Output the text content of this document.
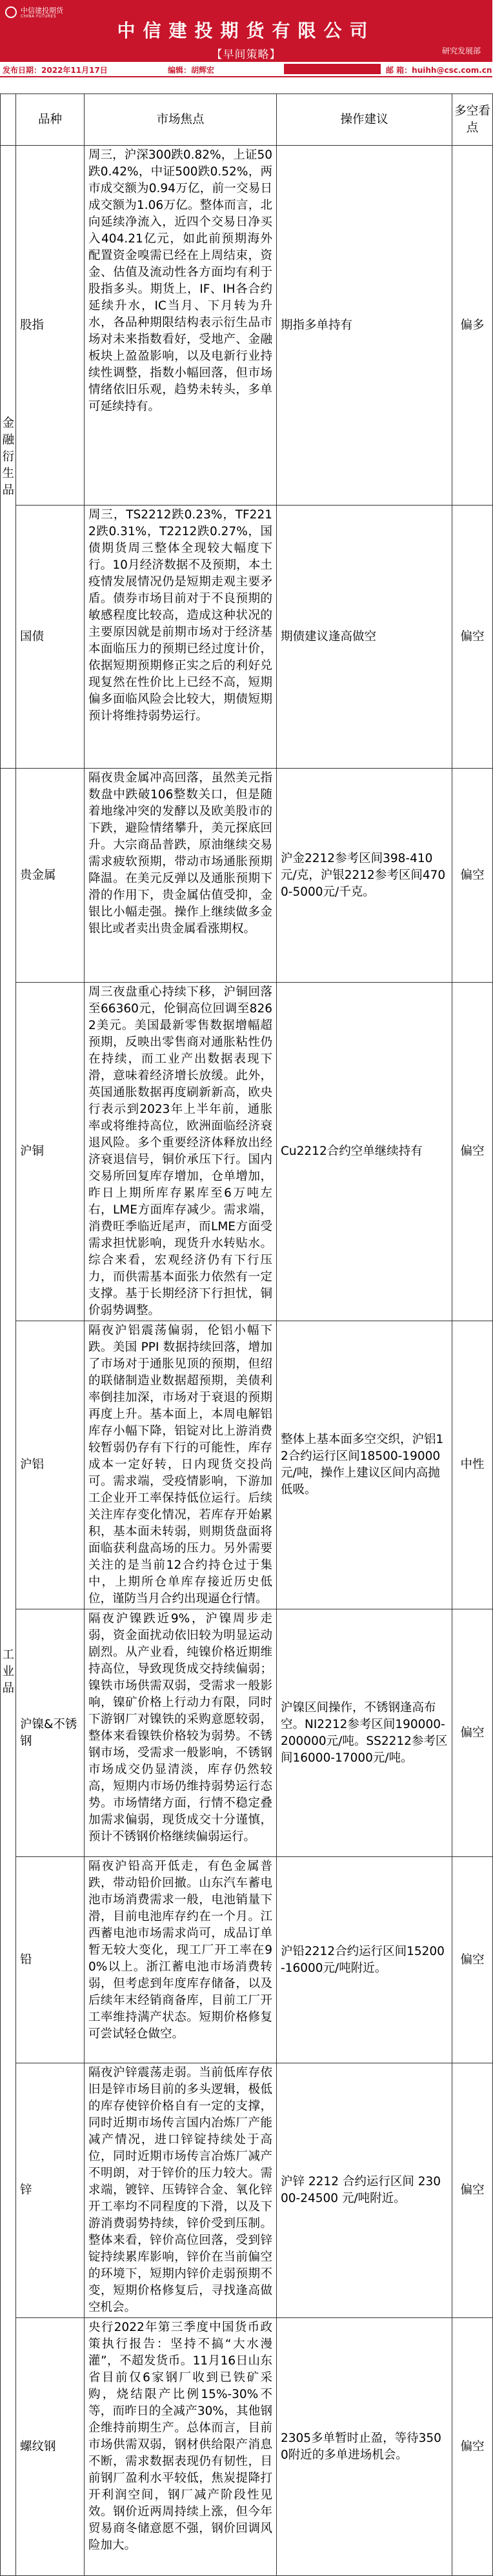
中信建投期货
CHINA FUTURES
中信建投期货有限公司
【早间策略】	研究发展部
发布日期：2022年11月17日	编辑：胡辉宏	邮 箱：huihh@csc.com.cn
	品种	市场焦点	操作建议	多空看点

金融衍生品	股指	周三，沪深300跌0.82%，上证50跌0.42%，中证500跌0.52%，两市成交额为0.94万亿，前一交易日成交额为1.06万亿。整体而言，北向延续净流入，近四个交易日净买入404.21亿元，如此前预期海外配置资金嗅需已经在上周结束，资金、估值及流动性各方面均有利于股指多头。期货上，IF、IH各合约延续升水，IC当月、下月转为升水，各品种期限结构表示衍生品市场对未来指数看好，受地产、金融板块上盈盈影响，以及电新行业持续性调整，指数小幅回落，但市场情绪依旧乐观，趋势未转头，多单可延续持有。	期指多单持有	偏多
	国债	周三，TS2212跌0.23%，TF2212跌0.31%，T2212跌0.27%，国债期货周三整体全现较大幅度下行。10月经济数据不及预期，本土疫情发展情况仍是短期走观主要矛盾。债券市场目前对于不良预期的敏感程度比较高，造成这种状况的主要原因就是前期市场对于经济基本面临压力的预期已经过度计价，依据短期预期修正实之后的利好兑现复然在性价比上已经不高，短期偏多面临风险会比较大，期债短期预计将维持弱势运行。	期债建议逢高做空	偏空

工业品	贵金属	隔夜贵金属冲高回落，虽然美元指数盘中跌破106整数关口，但是随着地缘冲突的发酵以及欧美股市的下跌，避险情绪攀升，美元探底回升。大宗商品普跌，原油继续交易需求疲软预期，带动市场通胀预期降温。在美元反弹以及通胀预期下滑的作用下，贵金属估值受抑，金银比小幅走强。操作上继续做多金银比或者卖出贵金属看涨期权。	沪金2212参考区间398-410元/克，沪银2212参考区间4700-5000元/千克。	偏空
	沪铜	周三夜盘重心持续下移，沪铜回落至66360元，伦铜高位回调至8262美元。美国最新零售数据增幅超预期，反映出零售商对通胀粘性仍在持续，而工业产出数据表现下滑，意味着经济增长放缓。此外，英国通胀数据再度刷新新高，欧央行表示到2023年上半年前，通胀率或将维持高位，欧洲面临经济衰退风险。多个重要经济体释放出经济衰退信号，铜价承压下行。国内交易所回复库存增加，仓单增加，昨日上期所库存累库至6万吨左右，LME方面库存减少。需求端，消费旺季临近尾声，而LME方面受需求担忧影响，现货升水转贴水。综合来看，宏观经济仍有下行压力，而供需基本面张力依然有一定支撑。基于长期经济下行担忧，铜价弱势调整。	Cu2212合约空单继续持有	偏空
	沪铝	隔夜沪铝震荡偏弱，伦铝小幅下跌。美国 PPI 数据持续回落，增加了市场对于通胀见顶的预期，但绍的联储制造业数据超预期，美债利率倒挂加深，市场对于衰退的预期再度上升。基本面上，本周电解铝库存小幅下降，铝锭对比上游消费较暂弱仍存有下行的可能性，库存成本一定好转，日内现货交投尚可。需求端，受疫情影响，下游加工企业开工率保持低位运行。后续关注库存变化情况，若库存开始累积，基本面未转弱，则期货盘面将面临获利盘高场的压力。另外需要关注的是当前12合约持仓过于集中，上期所仓单库存接近历史低位，谨防当月合约出现逼仓行情。	整体上基本面多空交织，沪铝12合约运行区间18500-19000元/吨，操作上建议区间内高抛低吸。	中性
	沪镍&不锈钢	隔夜沪镍跌近9%，沪镍周步走弱，资金面扰动依旧较为明显运动剧烈。从产业看，纯镍价格近期维持高位，导致现货成交持续偏弱；镍铁市场供需双弱，受需求一般影响，镍矿价格上行动力有限，同时下游钢厂对镍铁的采购意愿较弱，整体来看镍铁价格较为弱势。不锈钢市场，受需求一般影响，不锈钢市场成交仍显清淡，库存仍然较高，短期内市场仍维持弱势运行态势。市场情绪方面，行情不稳定叠加需求偏弱，现货成交十分谨慎，预计不锈钢价格继续偏弱运行。	沪镍区间操作，不锈钢逢高布空。NI2212参考区间190000-200000元/吨。SS2212参考区间16000-17000元/吨。	偏空
	铅	隔夜沪铅高开低走，有色金属普跌，带动铅价回撤。山东汽车蓄电池市场消费需求一般，电池销量下滑，目前电池库存约在一个月。江西蓄电池市场需求尚可，成品订单暂无较大变化，现工厂开工率在90%以上。浙江蓄电池市场消费转弱，但考虑到年度库存储备，以及后续年末经销商备库，目前工厂开工率维持满产状态。短期价格修复可尝试轻仓做空。	沪铅2212合约运行区间15200-16000元/吨附近。	偏空
	锌	隔夜沪锌震荡走弱。当前低库存依旧是锌市场目前的多头逻辑，极低的库存使锌价格自有一定的支撑，同时近期市场传言国内冶炼厂产能减产情况，进口锌锭持续处于高位，同时近期市场传言冶炼厂减产不明朗，对于锌价的压力较大。需求端，镀锌、压铸锌合金、氧化锌开工率均不同程度的下滑，以及下游消费弱势持续，锌价受到压制。整体来看，锌价高位回落，受到锌锭持续累库影响，锌价在当前偏空的环境下，短期内锌价走弱预期不变，短期价格修复后，寻找逢高做空机会。	沪锌 2212 合约运行区间 23000-24500 元/吨附近。	偏空
	螺纹钢	央行2022年第三季度中国货币政策执行报告：坚持不搞“大水漫灌”，不超发货币。11月16日山东省目前仅6家钢厂收到已铁矿采购，烧结限产比例15%-30%不等，而昨日的全减产30%，其他钢企维持前期生产。总体而言，目前市场供需双弱，钢材供给限产消息不断，需求数据表现仍有韧性，目前钢厂盈利水平较低，焦炭提降打开利润空间，钢厂减产阶段性见效。钢价近两周持续上涨，但今年贸易商冬储意愿不强，钢价回调风险加大。	2305多单暂时止盈，等待3500附近的多单进场机会。	偏空
